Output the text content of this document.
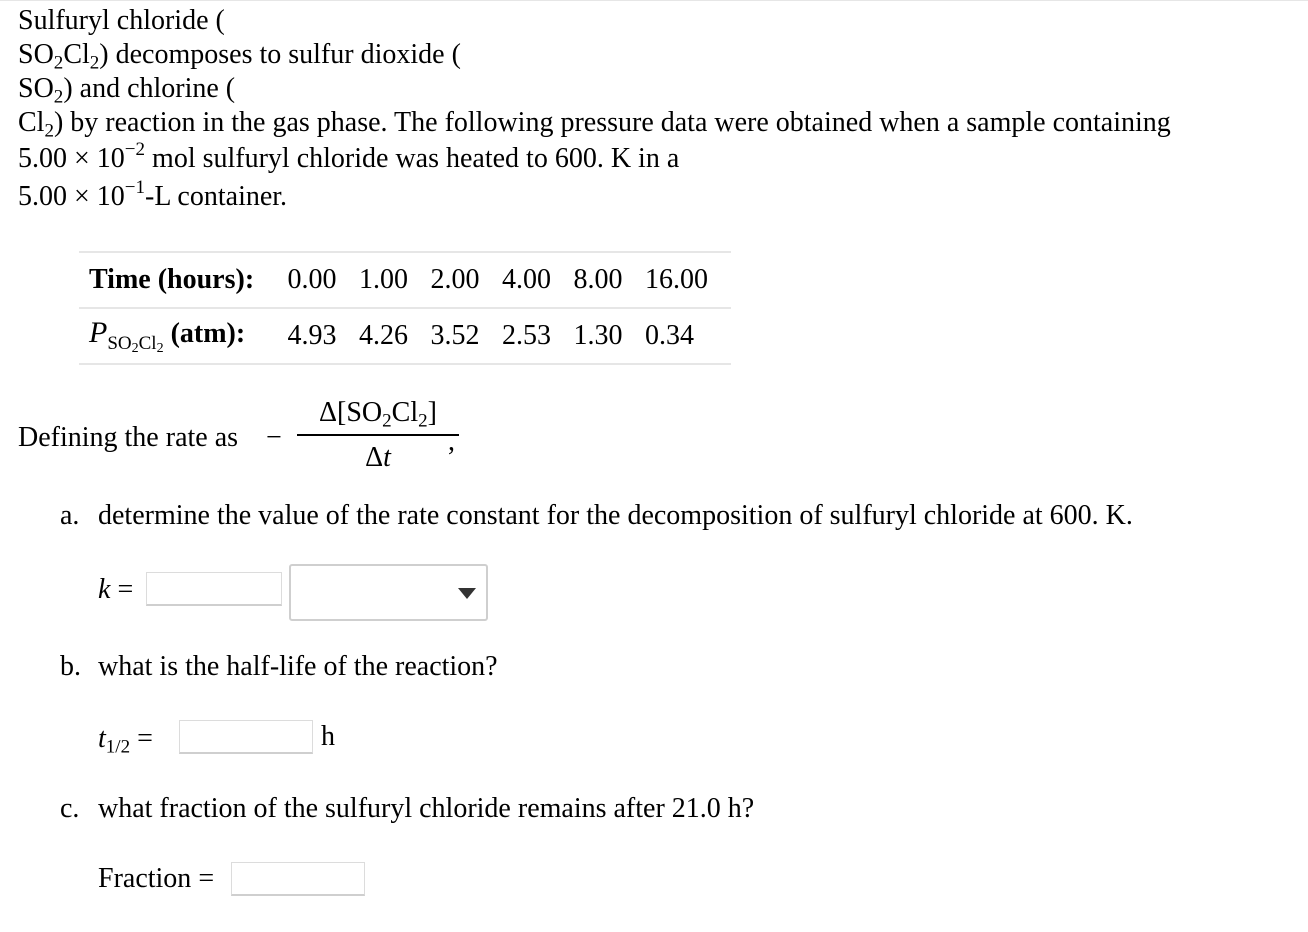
Sulfuryl chloride (
$SO_2Cl_2$) decomposes to sulfur dioxide (
$SO_2$) and chlorine (
$Cl_2$) by reaction in the gas phase. The following pressure data were obtained when a sample containing
$5.00 \times 10^{-2}$ mol sulfuryl chloride was heated to 600. K in a
$5.00 \times 10^{-1}-L$ container.
Time (hours):	0.00	1.00	2.00	4.00	8.00	16.00
$P_{SO2Cl2}$ (atm):	4.93	4.26	3.52	2.53	1.30	0.34
Defining the rate as −
$\Delta[SO_2Cl_2]$
Δt
,
a. determine the value of the rate constant for the decomposition of sulfuryl chloride at 600. K.
k =
b. what is the half-life of the reaction?
$t_{1/2}$ =	h
c. what fraction of the sulfuryl chloride remains after 21.0 h?
Fraction =
